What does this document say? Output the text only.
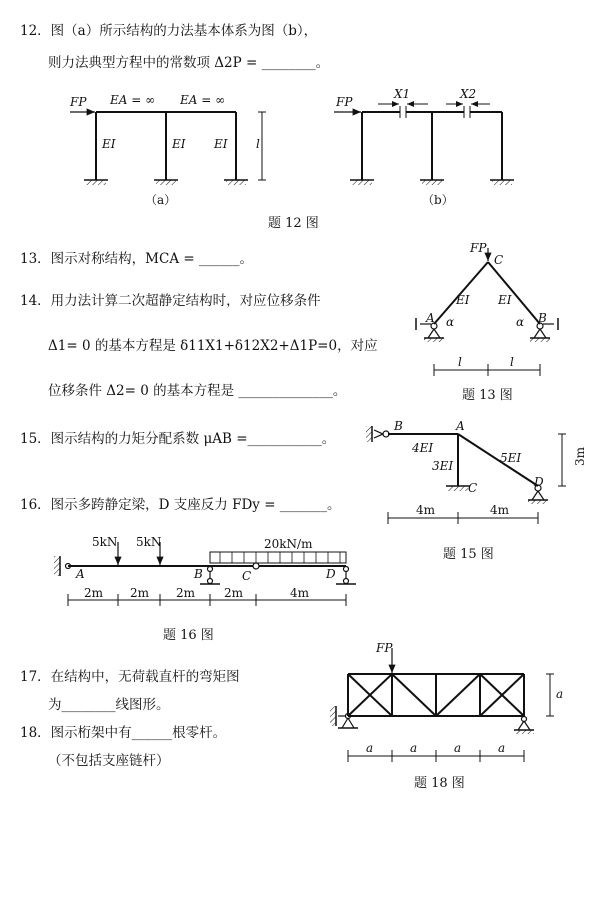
12．图（a）所示结构的力法基本体系为图（b），
则力法典型方程中的常数项 Δ2P = ________。
题 12 图
13．图示对称结构，MCA = ______。
题 13 图
14．用力法计算二次超静定结构时，对应位移条件
Δ1= 0 的基本方程是 δ11X1+δ12X2+Δ1P=0，对应
位移条件 Δ2= 0 的基本方程是 ______________。
15．图示结构的力矩分配系数 μAB =___________。
题 15 图
16．图示多跨静定梁，D 支座反力 FDy = _______。
题 16 图
17．在结构中，无荷载直杆的弯矩图
为________线图形。
18．图示桁架中有______根零杆。
（不包括支座链杆）
题 18 图
FP EA = ∞ EA = ∞
EI	EI EI l
（a）
FP
X1	X2
（b）
FP
C
A	B
EI EI
α	α
l	l
B	A
4EI
3EI
5EI
C	D
3m
4m	4m
5kN 5kN	20kN/m
A	B	C	D
2m 2m 2m 2m	4m
FP
a
a	a	a	a
